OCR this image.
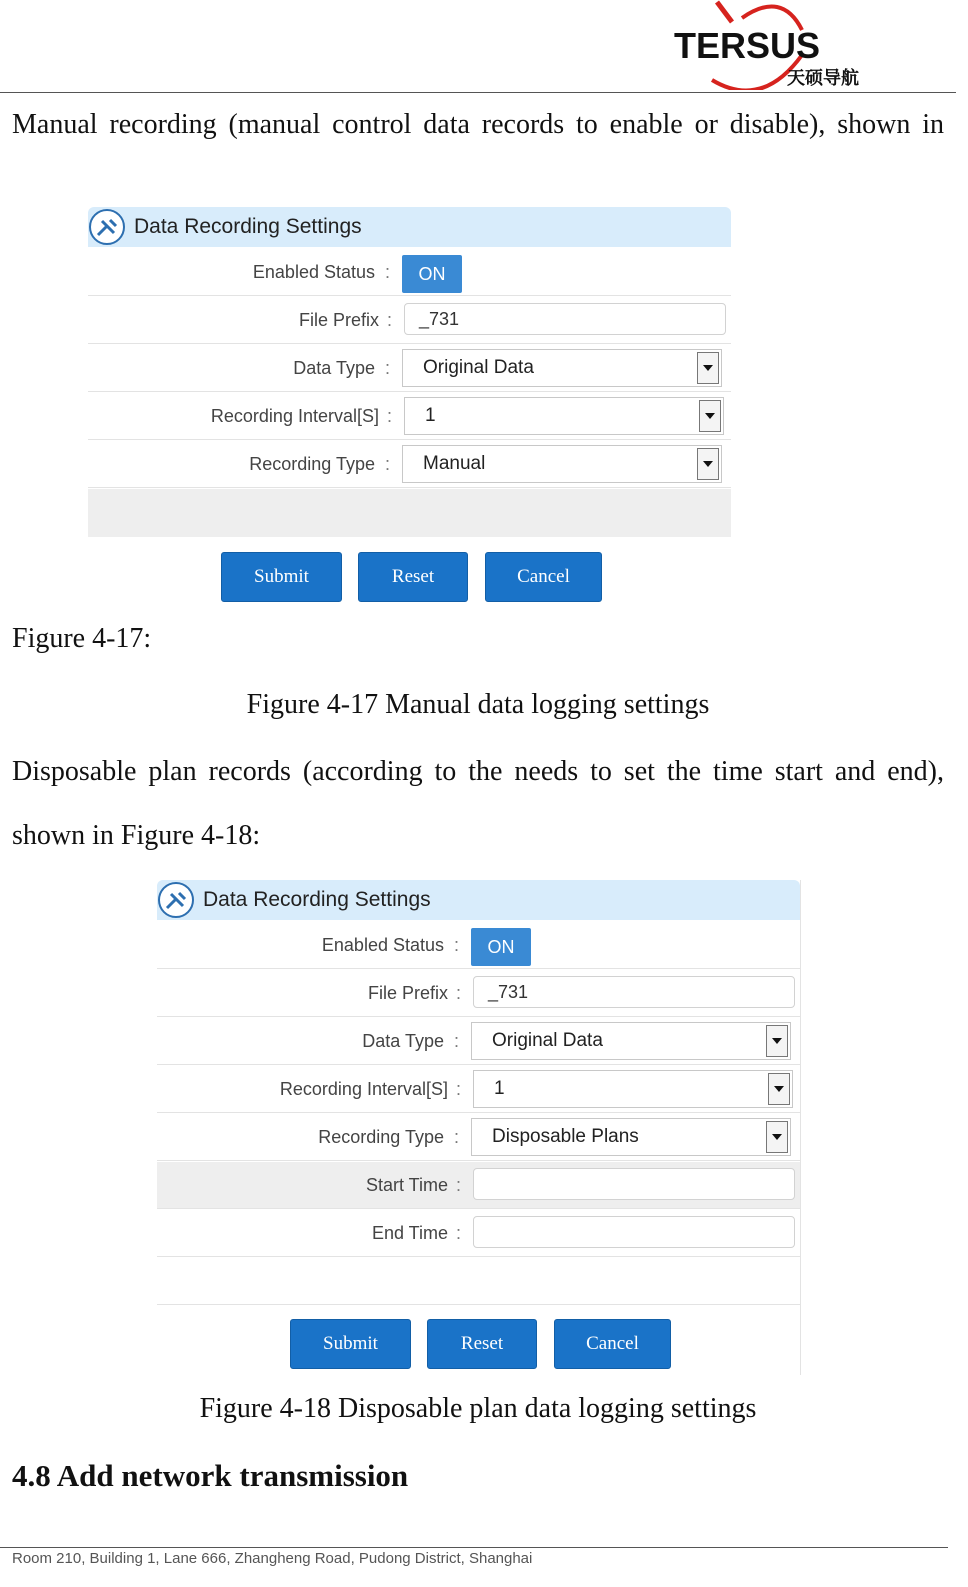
TERSUS
天硕导航
Manual recording (manual control data records to enable or disable), shown in
Data Recording Settings
Enabled Status :	ON
File Prefix :	_731
Data Type :	Original Data
Recording Interval[S] :	1
Recording Type :	Manual
Submit	Reset	Cancel
Figure 4-17:
Figure 4-17 Manual data logging settings
Disposable plan records (according to the needs to set the time start and end),
shown in Figure 4-18:
Data Recording Settings
Enabled Status :	ON
File Prefix :	_731
Data Type :	Original Data
Recording Interval[S] :	1
Recording Type :	Disposable Plans
Start Time :
End Time :
Submit	Reset	Cancel
Figure 4-18 Disposable plan data logging settings
4.8 Add network transmission
Room 210, Building 1, Lane 666, Zhangheng Road, Pudong District, Shanghai
